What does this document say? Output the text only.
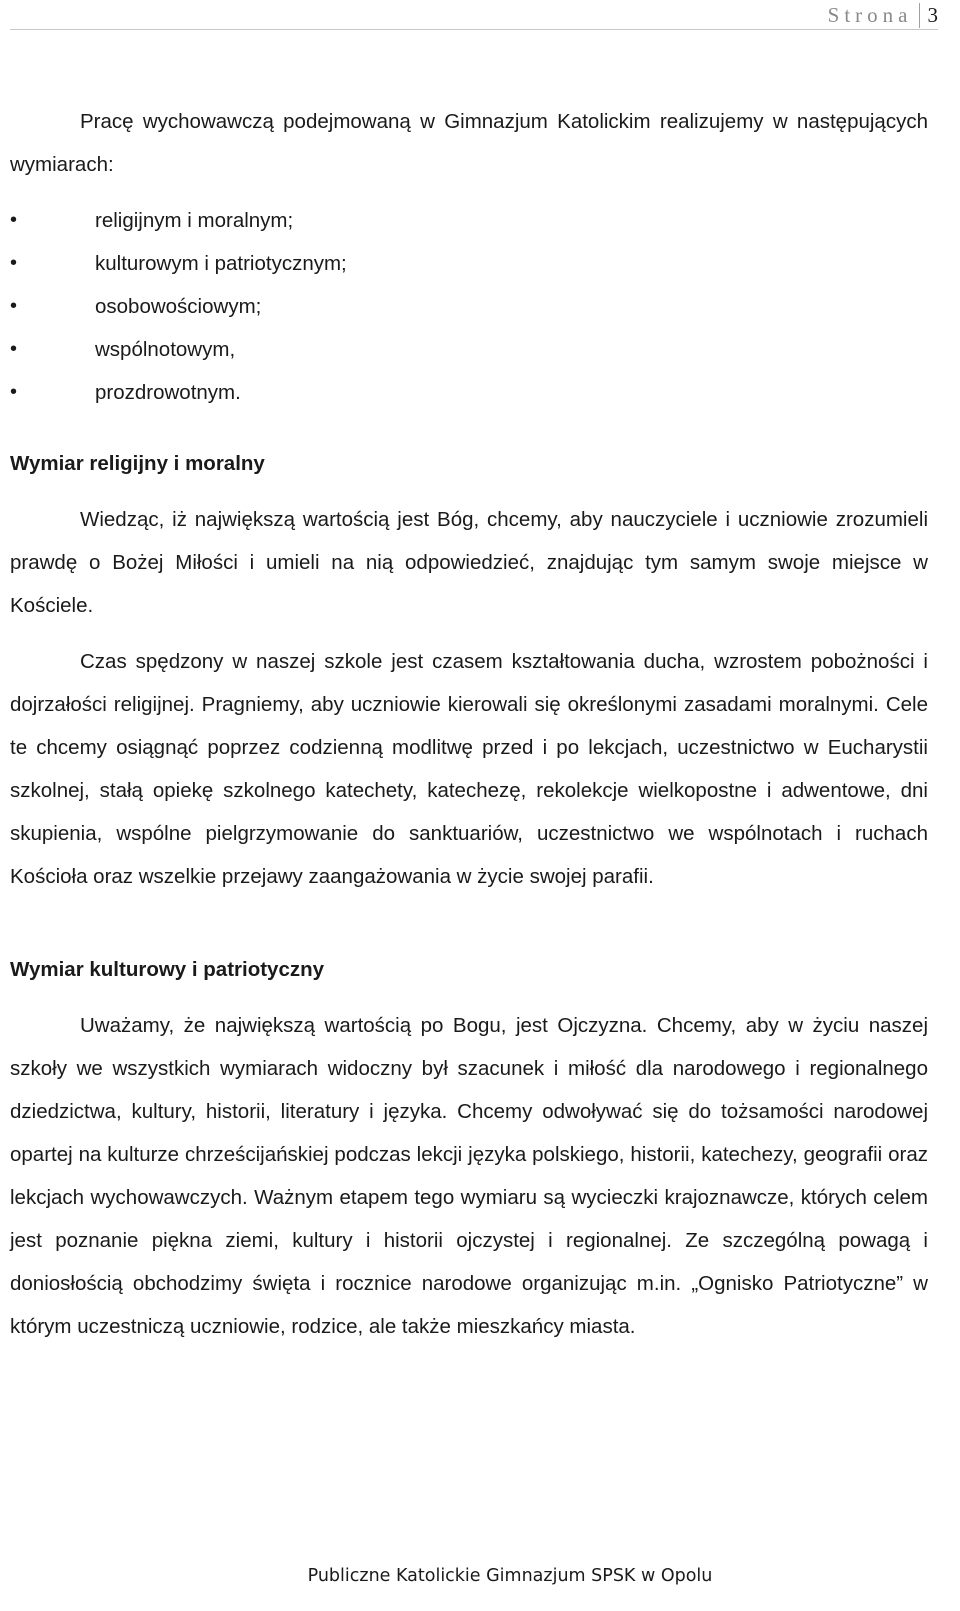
Strona 3

Pracę wychowawczą podejmowaną w Gimnazjum Katolickim realizujemy w następujących wymiarach:

•	religijnym i moralnym;
•	kulturowym i patriotycznym;
•	osobowościowym;
•	wspólnotowym,
•	prozdrowotnym.
Wymiar religijny i moralny

Wiedząc, iż największą wartością jest Bóg, chcemy, aby nauczyciele i uczniowie zrozumieli prawdę o Bożej Miłości i umieli na nią odpowiedzieć, znajdując tym samym swoje miejsce w Kościele.

Czas spędzony w naszej szkole jest czasem kształtowania ducha, wzrostem pobożności i dojrzałości religijnej. Pragniemy, aby uczniowie kierowali się określonymi zasadami moralnymi. Cele te chcemy osiągnąć poprzez codzienną modlitwę przed i po lekcjach, uczestnictwo w Eucharystii szkolnej, stałą opiekę szkolnego katechety, katechezę, rekolekcje wielkopostne i adwentowe, dni skupienia, wspólne pielgrzymowanie do sanktuariów, uczestnictwo we wspólnotach i ruchach Kościoła oraz wszelkie przejawy zaangażowania w życie swojej parafii.

Wymiar kulturowy i patriotyczny

Uważamy, że największą wartością po Bogu, jest Ojczyzna. Chcemy, aby w życiu naszej szkoły we wszystkich wymiarach widoczny był szacunek i miłość dla narodowego i regionalnego dziedzictwa, kultury, historii, literatury i języka. Chcemy odwoływać się do tożsamości narodowej opartej na kulturze chrześcijańskiej podczas lekcji języka polskiego, historii, katechezy, geografii oraz lekcjach wychowawczych. Ważnym etapem tego wymiaru są wycieczki krajoznawcze, których celem jest poznanie piękna ziemi, kultury i historii ojczystej i regionalnej. Ze szczególną powagą i doniosłością obchodzimy święta i rocznice narodowe organizując m.in. „Ognisko Patriotyczne” w którym uczestniczą uczniowie, rodzice, ale także mieszkańcy miasta.

Publiczne Katolickie Gimnazjum SPSK w Opolu
